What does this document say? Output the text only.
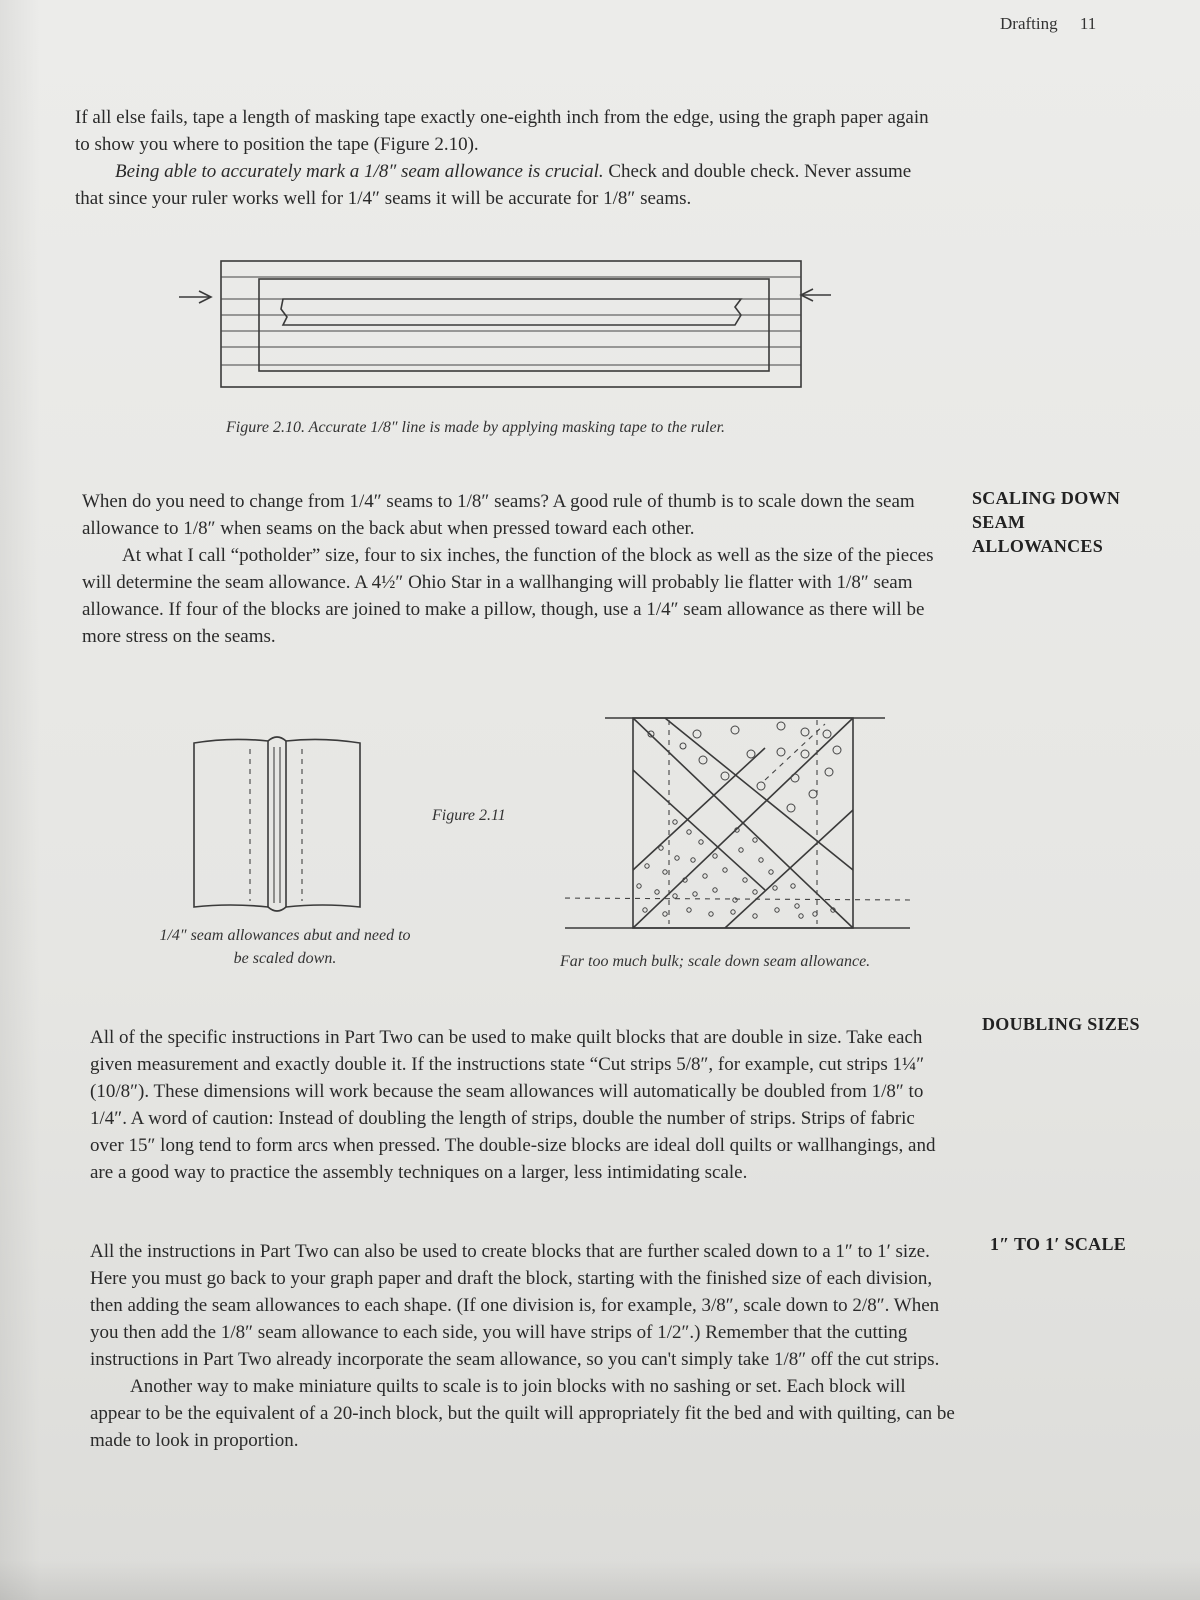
Drafting 11

If all else fails, tape a length of masking tape exactly one-eighth inch from the edge, using the graph paper again to show you where to position the tape (Figure 2.10).

Being able to accurately mark a 1/8″ seam allowance is crucial. Check and double check. Never assume that since your ruler works well for 1/4″ seams it will be accurate for 1/8″ seams.

Figure 2.10. Accurate 1/8″ line is made by applying masking tape to the ruler.

When do you need to change from 1/4″ seams to 1/8″ seams? A good rule of thumb is to scale down the seam allowance to 1/8″ when seams on the back abut when pressed toward each other.

At what I call “potholder” size, four to six inches, the function of the block as well as the size of the pieces will determine the seam allowance. A 4½″ Ohio Star in a wallhanging will probably lie flatter with 1/8″ seam allowance. If four of the blocks are joined to make a pillow, though, use a 1/4″ seam allowance as there will be more stress on the seams.

SCALING DOWN SEAM ALLOWANCES
Figure 2.11
1/4″ seam allowances abut and need to be scaled down.	Far too much bulk; scale down seam allowance.

All of the specific instructions in Part Two can be used to make quilt blocks that are double in size. Take each given measurement and exactly double it. If the instructions state “Cut strips 5/8″, for example, cut strips 1¼″ (10/8″). These dimensions will work because the seam allowances will automatically be doubled from 1/8″ to 1/4″. A word of caution: Instead of doubling the length of strips, double the number of strips. Strips of fabric over 15″ long tend to form arcs when pressed. The double-size blocks are ideal doll quilts or wallhangings, and are a good way to practice the assembly techniques on a larger, less intimidating scale.

DOUBLING SIZES

All the instructions in Part Two can also be used to create blocks that are further scaled down to a 1″ to 1′ size. Here you must go back to your graph paper and draft the block, starting with the finished size of each division, then adding the seam allowances to each shape. (If one division is, for example, 3/8″, scale down to 2/8″. When you then add the 1/8″ seam allowance to each side, you will have strips of 1/2″.) Remember that the cutting instructions in Part Two already incorporate the seam allowance, so you can't simply take 1/8″ off the cut strips.

Another way to make miniature quilts to scale is to join blocks with no sashing or set. Each block will appear to be the equivalent of a 20-inch block, but the quilt will appropriately fit the bed and with quilting, can be made to look in proportion.

1″ TO 1′ SCALE
